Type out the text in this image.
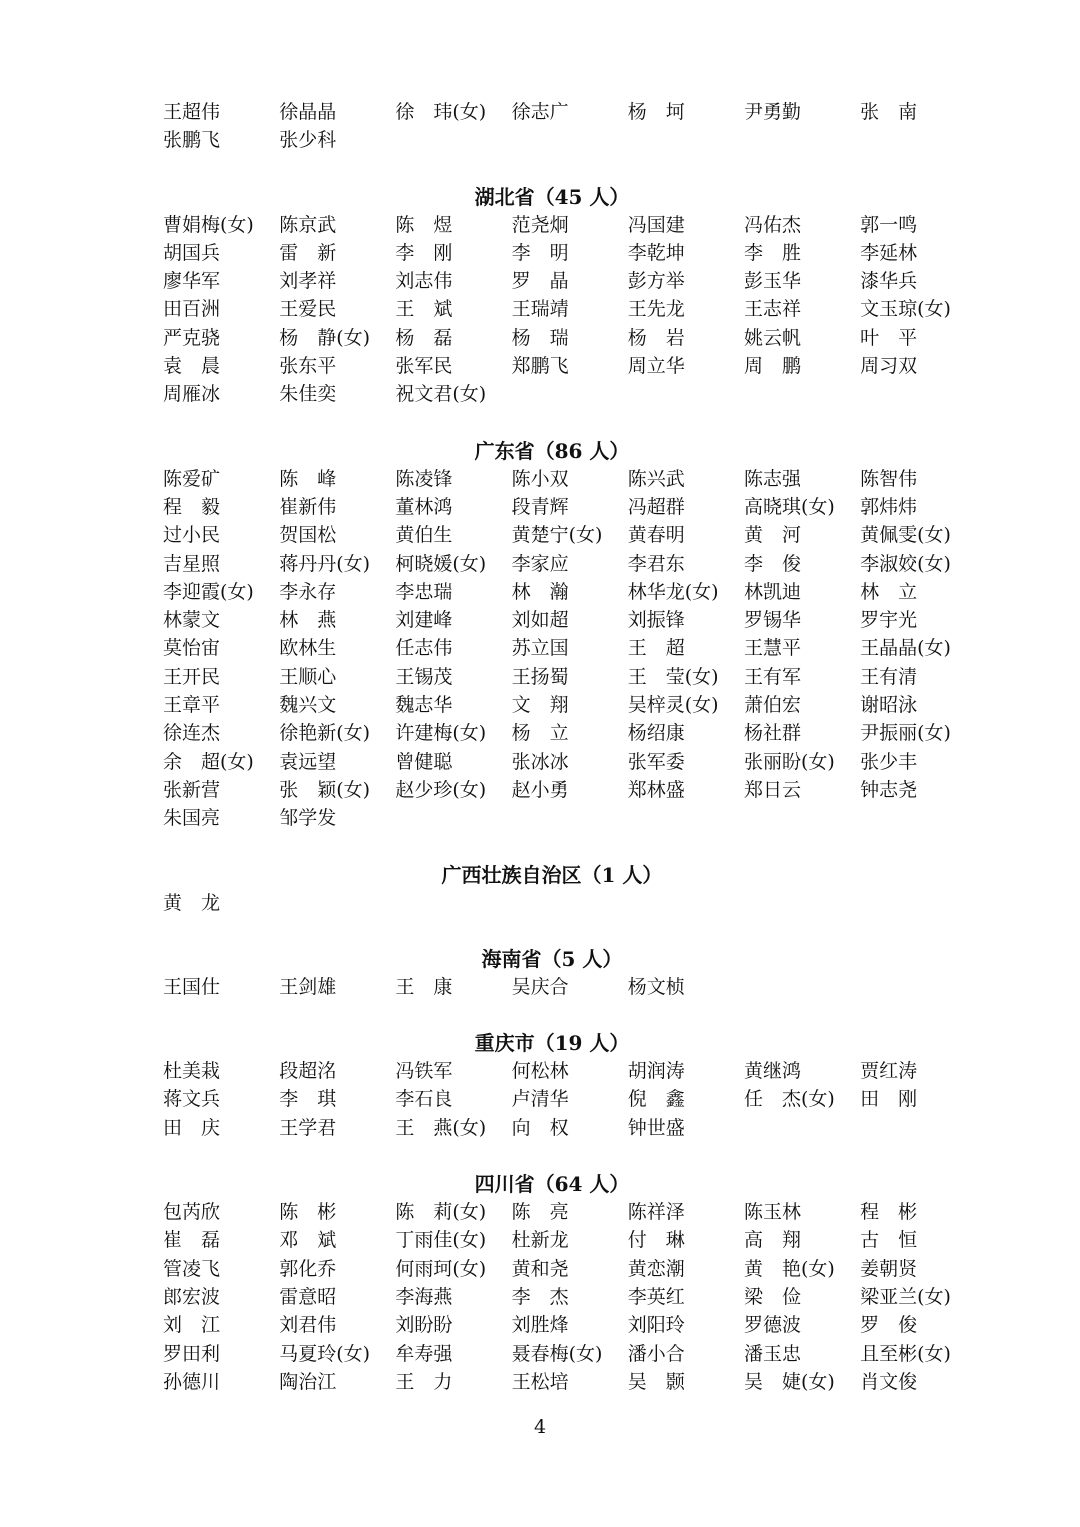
王超伟	徐晶晶	徐　玮(女)	徐志广	杨　坷	尹勇勤	张　南
张鹏飞	张少科
湖北省（45 人）
曹娟梅(女)	陈京武	陈　煜	范尧炯	冯国建	冯佑杰	郭一鸣
胡国兵	雷　新	李　刚	李　明	李乾坤	李　胜	李延林
廖华军	刘孝祥	刘志伟	罗　晶	彭方举	彭玉华	漆华兵
田百洲	王爱民	王　斌	王瑞靖	王先龙	王志祥	文玉琼(女)
严克骁	杨　静(女)	杨　磊	杨　瑞	杨　岩	姚云帆	叶　平
袁　晨	张东平	张军民	郑鹏飞	周立华	周　鹏	周习双
周雁冰	朱佳奕	祝文君(女)
广东省（86 人）
陈爱矿	陈　峰	陈凌锋	陈小双	陈兴武	陈志强	陈智伟
程　毅	崔新伟	董林鸿	段青辉	冯超群	高晓琪(女)	郭炜炜
过小民	贺国松	黄伯生	黄楚宁(女)	黄春明	黄　河	黄佩雯(女)
吉星照	蒋丹丹(女)	柯晓媛(女)	李家应	李君东	李　俊	李淑姣(女)
李迎霞(女)	李永存	李忠瑞	林　瀚	林华龙(女)	林凯迪	林　立
林蒙文	林　燕	刘建峰	刘如超	刘振锋	罗锡华	罗宇光
莫怡宙	欧林生	任志伟	苏立国	王　超	王慧平	王晶晶(女)
王开民	王顺心	王锡茂	王扬蜀	王　莹(女)	王有军	王有清
王章平	魏兴文	魏志华	文　翔	吴梓灵(女)	萧伯宏	谢昭泳
徐连杰	徐艳新(女)	许建梅(女)	杨　立	杨绍康	杨社群	尹振丽(女)
余　超(女)	袁远望	曾健聪	张冰冰	张军委	张丽盼(女)	张少丰
张新营	张　颖(女)	赵少珍(女)	赵小勇	郑林盛	郑日云	钟志尧
朱国亮	邹学发
广西壮族自治区（1 人）
黄　龙
海南省（5 人）
王国仕	王剑雄	王　康	吴庆合	杨文桢
重庆市（19 人）
杜美栽	段超洺	冯铁军	何松林	胡润涛	黄继鸿	贾红涛
蒋文兵	李　琪	李石良	卢清华	倪　鑫	任　杰(女)	田　刚
田　庆	王学君	王　燕(女)	向　权	钟世盛
四川省（64 人）
包芮欣	陈　彬	陈　莉(女)	陈　亮	陈祥泽	陈玉林	程　彬
崔　磊	邓　斌	丁雨佳(女)	杜新龙	付　琳	高　翔	古　恒
管凌飞	郭化乔	何雨珂(女)	黄和尧	黄恋潮	黄　艳(女)	姜朝贤
郎宏波	雷意昭	李海燕	李　杰	李英红	梁　俭	梁亚兰(女)
刘　江	刘君伟	刘盼盼	刘胜烽	刘阳玲	罗德波	罗　俊
罗田利	马夏玲(女)	牟寿强	聂春梅(女)	潘小合	潘玉忠	且至彬(女)
孙德川	陶治江	王　力	王松培	吴　颢	吴　婕(女)	肖文俊
4
